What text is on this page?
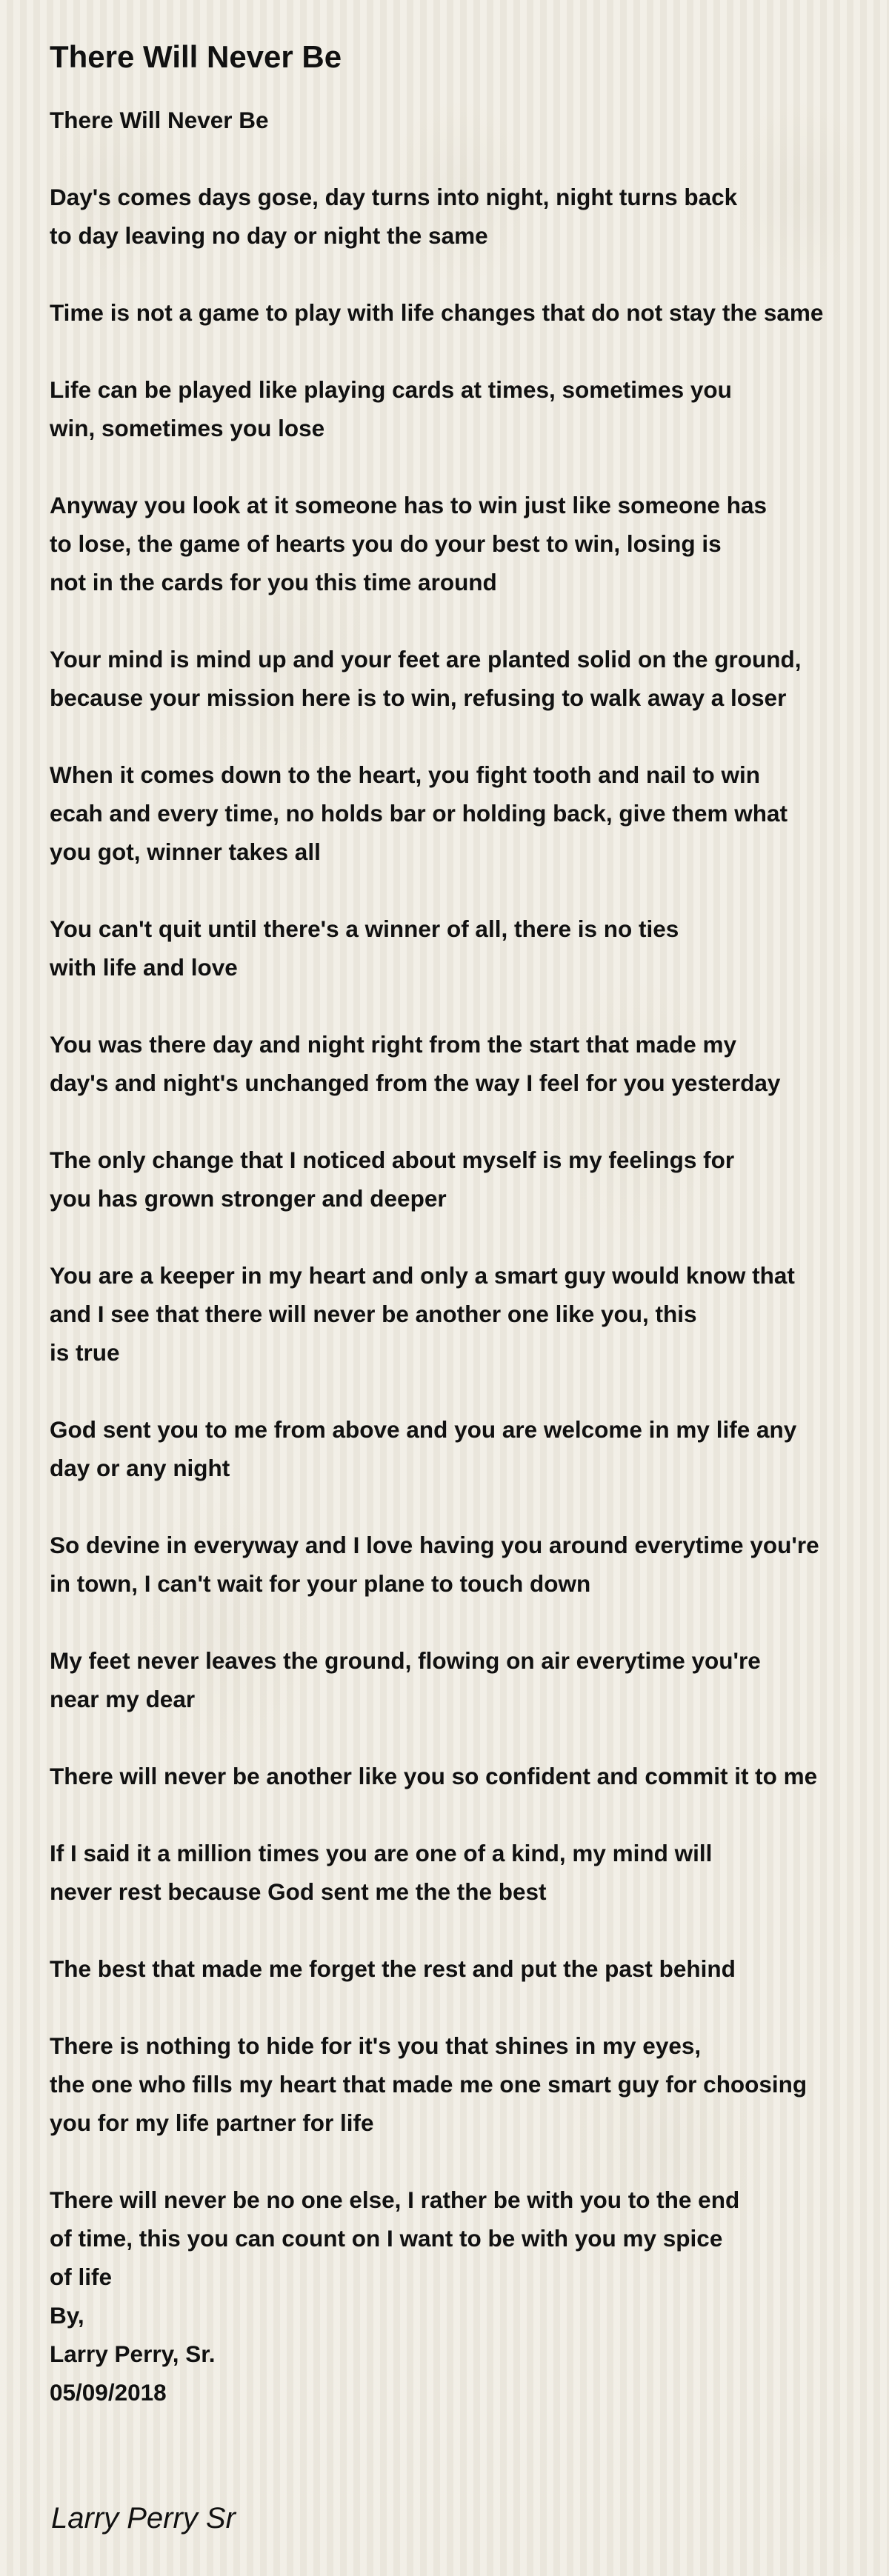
There Will Never Be
There Will Never Be
Day's comes days gose, day turns into night, night turns back
to day leaving no day or night the same
Time is not a game to play with life changes that do not stay the same
Life can be played like playing cards at times, sometimes you
win, sometimes you lose
Anyway you look at it someone has to win just like someone has
to lose, the game of hearts you do your best to win, losing is
not in the cards for you this time around
Your mind is mind up and your feet are planted solid on the ground,
because your mission here is to win, refusing to walk away a loser
When it comes down to the heart, you fight tooth and nail to win
ecah and every time, no holds bar or holding back, give them what
you got, winner takes all
You can't quit until there's a winner of all, there is no ties
with life and love
You was there day and night right from the start that made my
day's and night's unchanged from the way I feel for you yesterday
The only change that I noticed about myself is my feelings for
you has grown stronger and deeper
You are a keeper in my heart and only a smart guy would know that
and I see that there will never be another one like you, this
is true
God sent you to me from above and you are welcome in my life any
day or any night
So devine in everyway and I love having you around everytime you're
in town, I can't wait for your plane to touch down
My feet never leaves the ground, flowing on air everytime you're
near my dear
There will never be another like you so confident and commit it to me
If I said it a million times you are one of a kind, my mind will
never rest because God sent me the the best
The best that made me forget the rest and put the past behind
There is nothing to hide for it's you that shines in my eyes,
the one who fills my heart that made me one smart guy for choosing
you for my life partner for life
There will never be no one else, I rather be with you to the end
of time, this you can count on I want to be with you my spice
of life
By,
Larry Perry, Sr.
05/09/2018
Larry Perry Sr
